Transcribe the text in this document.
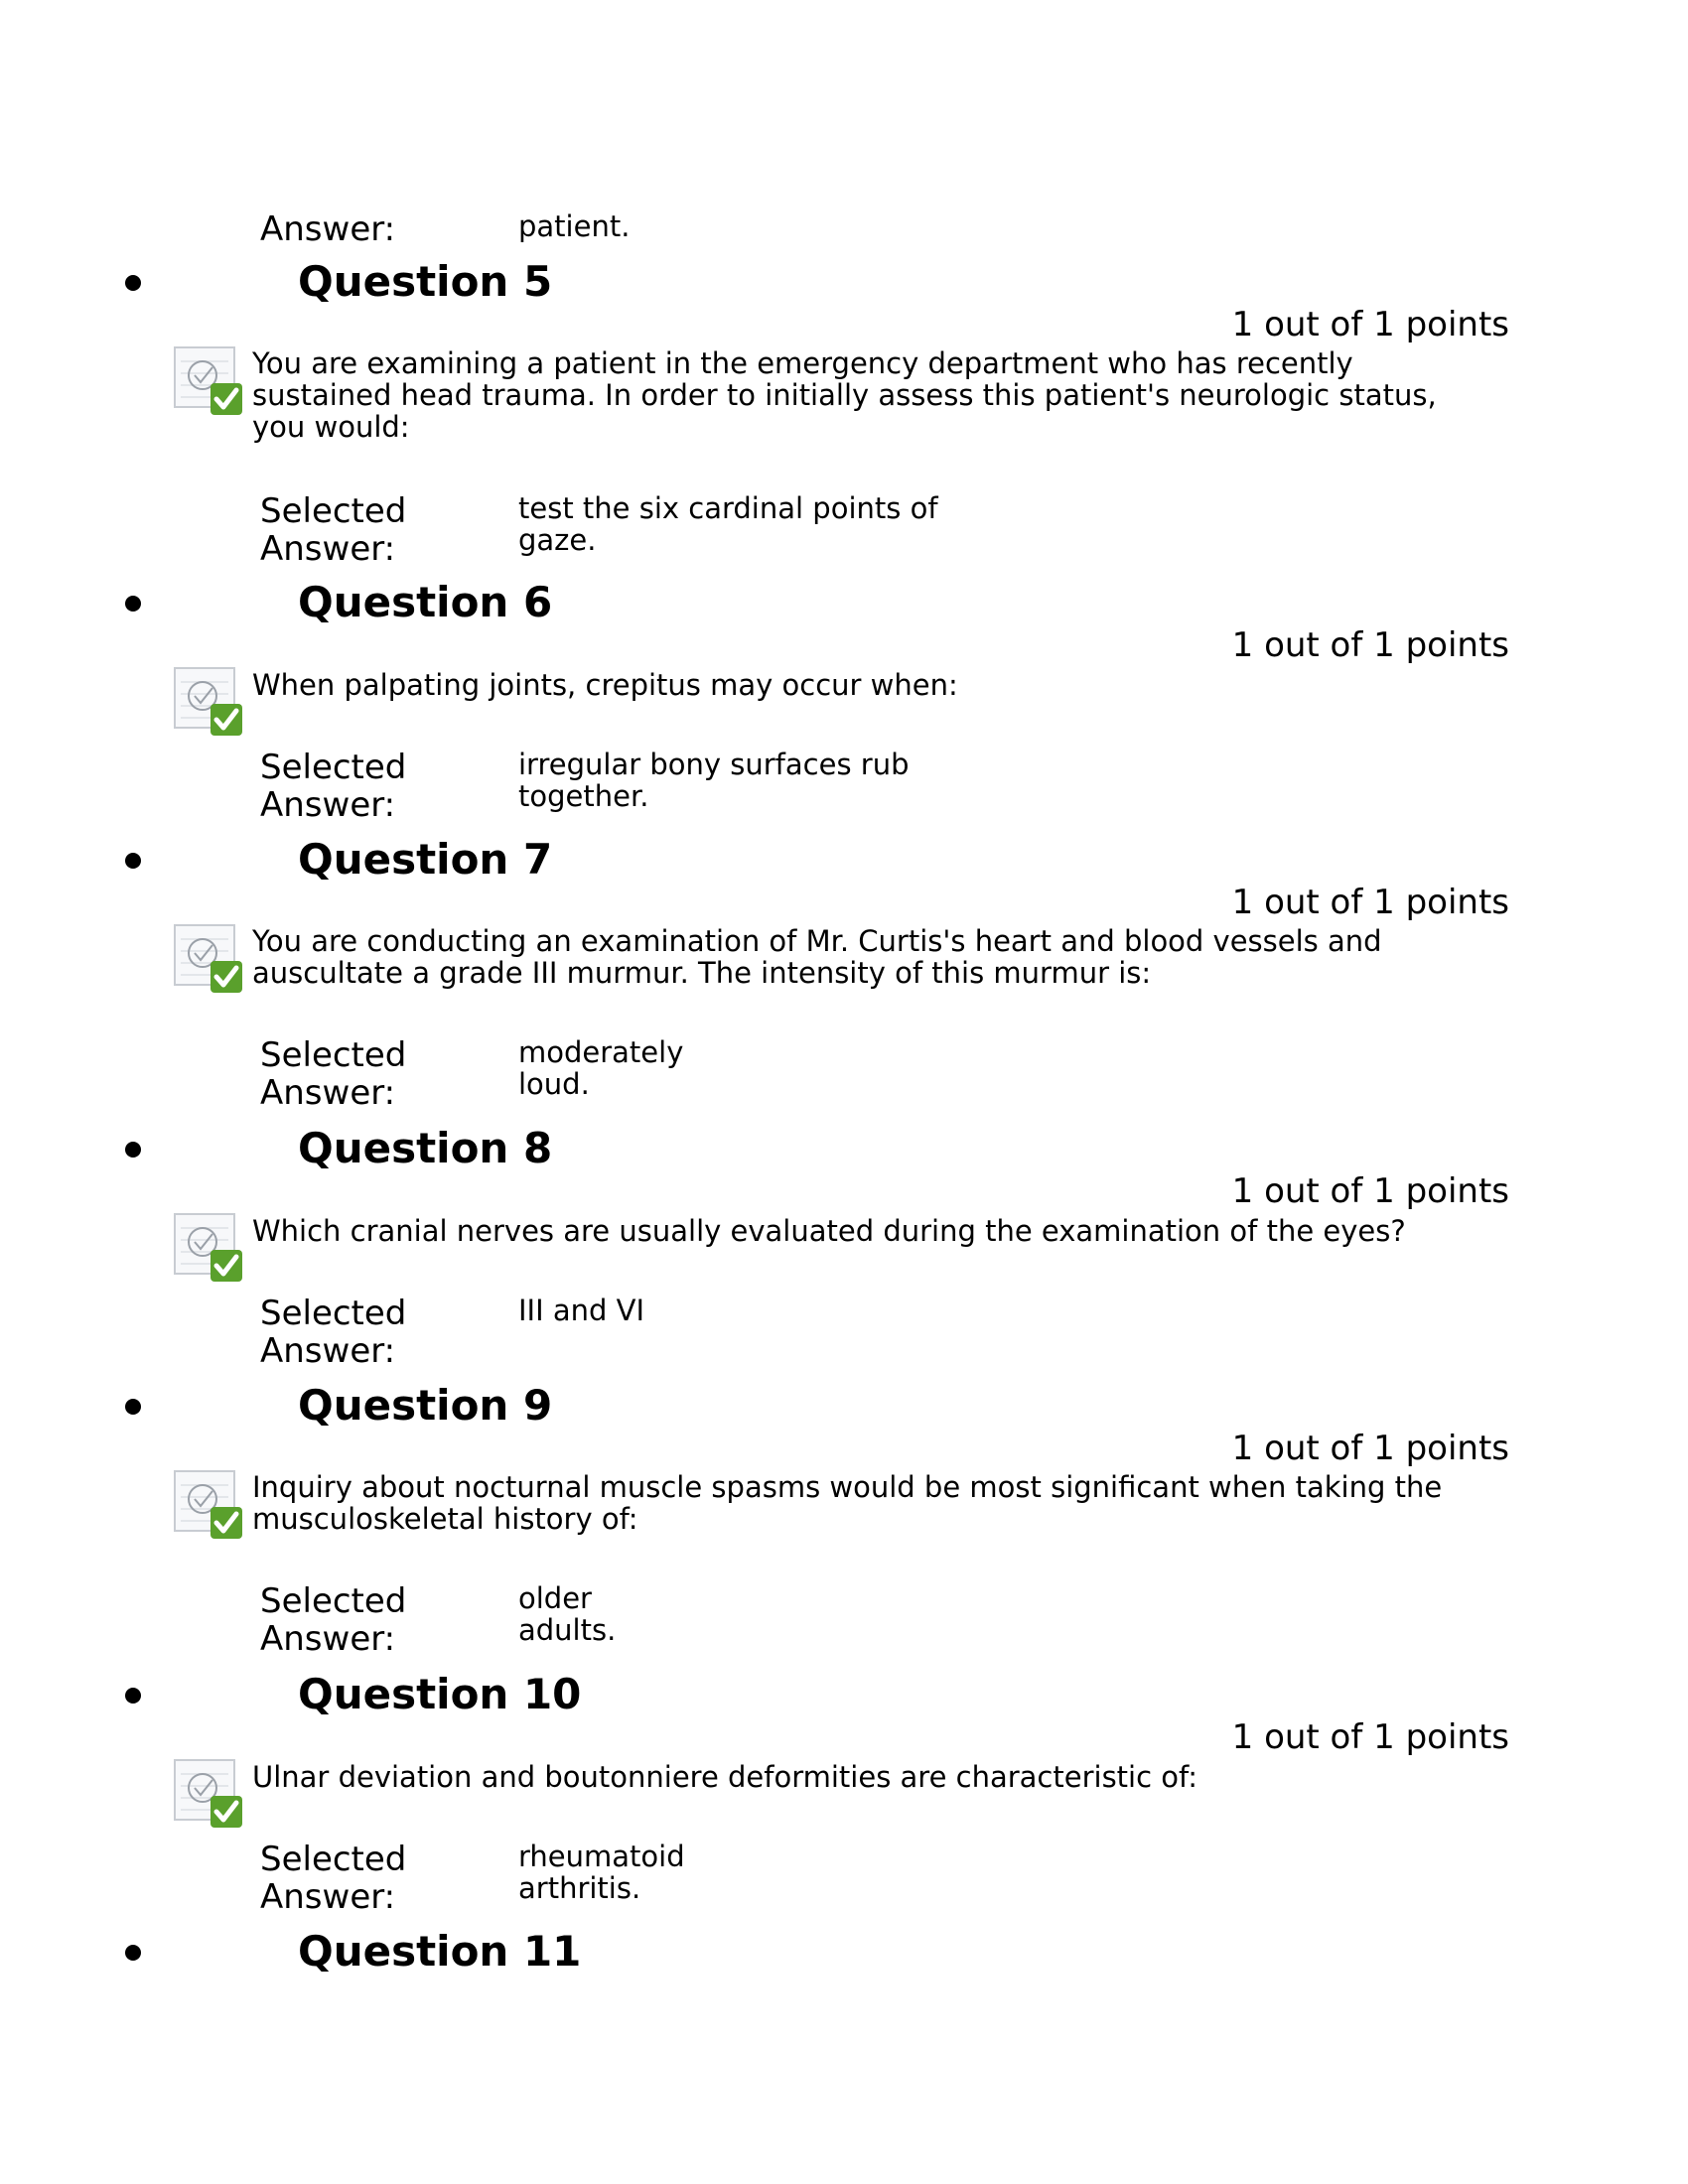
Answer:	patient.
Question 5
1 out of 1 points
You are examining a patient in the emergency department who has recently sustained head trauma. In order to initially assess this patient's neurologic status, you would:
Selected
Answer:
test the six cardinal points of gaze.
Question 6
1 out of 1 points
When palpating joints, crepitus may occur when:
Selected
Answer:
irregular bony surfaces rub together.
Question 7
1 out of 1 points
You are conducting an examination of Mr. Curtis's heart and blood vessels and auscultate a grade III murmur. The intensity of this murmur is:
Selected
Answer:
moderately loud.
Question 8
1 out of 1 points
Which cranial nerves are usually evaluated during the examination of the eyes?
Selected
Answer:
III and VI
Question 9
1 out of 1 points
Inquiry about nocturnal muscle spasms would be most significant when taking the musculoskeletal history of:
Selected
Answer:
older adults.
Question 10
1 out of 1 points
Ulnar deviation and boutonniere deformities are characteristic of:
Selected
Answer:
rheumatoid arthritis.
Question 11
